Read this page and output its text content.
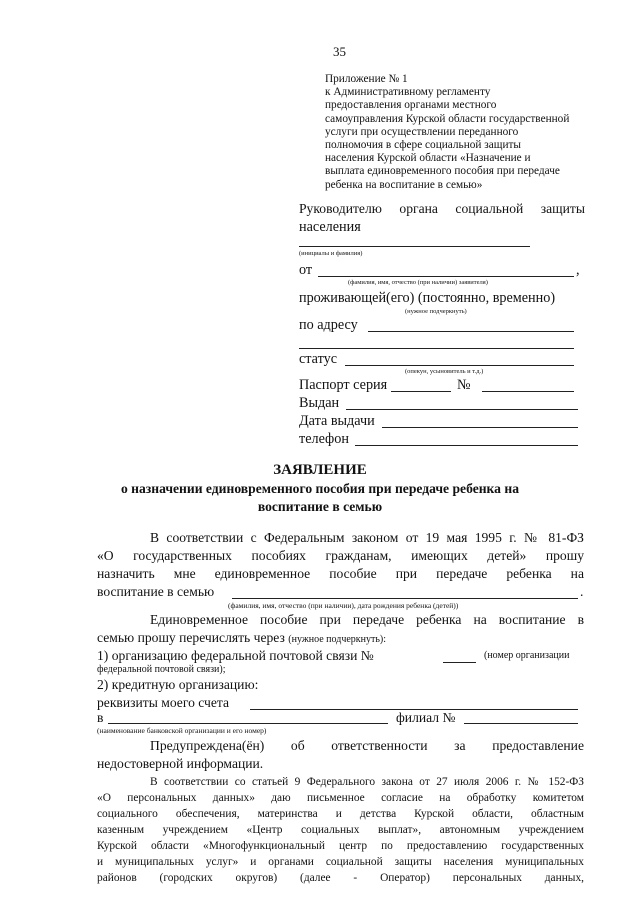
35
Приложение № 1
к Административному регламенту
предоставления органами местного
самоуправления Курской области государственной
услуги при осуществлении переданного
полномочия в сфере социальной защиты
населения Курской области «Назначение и
выплата единовременного пособия при передаче
ребенка на воспитание в семью»
Руководителю органа социальной защиты
населения
(инициалы и фамилия)
от	,
(фамилия, имя, отчество (при наличии) заявителя)
проживающей(его) (постоянно, временно)
(нужное подчеркнуть)
по адресу
статус
(опекун, усыновитель и т.д.)
Паспорт серия	№
Выдан
Дата выдачи
телефон
ЗАЯВЛЕНИЕ
о назначении единовременного пособия при передаче ребенка на
воспитание в семью
В соответствии с Федеральным законом от 19 мая 1995 г. № 81-ФЗ
«О государственных пособиях гражданам, имеющих детей» прошу
назначить мне единовременное пособие при передаче ребенка на
воспитание в семью	.
(фамилия, имя, отчество (при наличии), дата рождения ребенка (детей))
Единовременное пособие при передаче ребенка на воспитание в
семью прошу перечислять через (нужное подчеркнуть):
1) организацию федеральной почтовой связи №	(номер организации
федеральной почтовой связи);
2) кредитную организацию:
реквизиты моего счета
в	филиал №
(наименование банковской организации и его номер)
Предупреждена(ён) об ответственности за предоставление
недостоверной информации.
В соответствии со статьей 9 Федерального закона от 27 июля 2006 г. № 152-ФЗ
«О персональных данных» даю письменное согласие на обработку комитетом
социального обеспечения, материнства и детства Курской области, областным
казенным учреждением «Центр социальных выплат», автономным учреждением
Курской области «Многофункциональный центр по предоставлению государственных
и муниципальных услуг» и органами социальной защиты населения муниципальных
районов (городских округов) (далее - Оператор) персональных данных,
